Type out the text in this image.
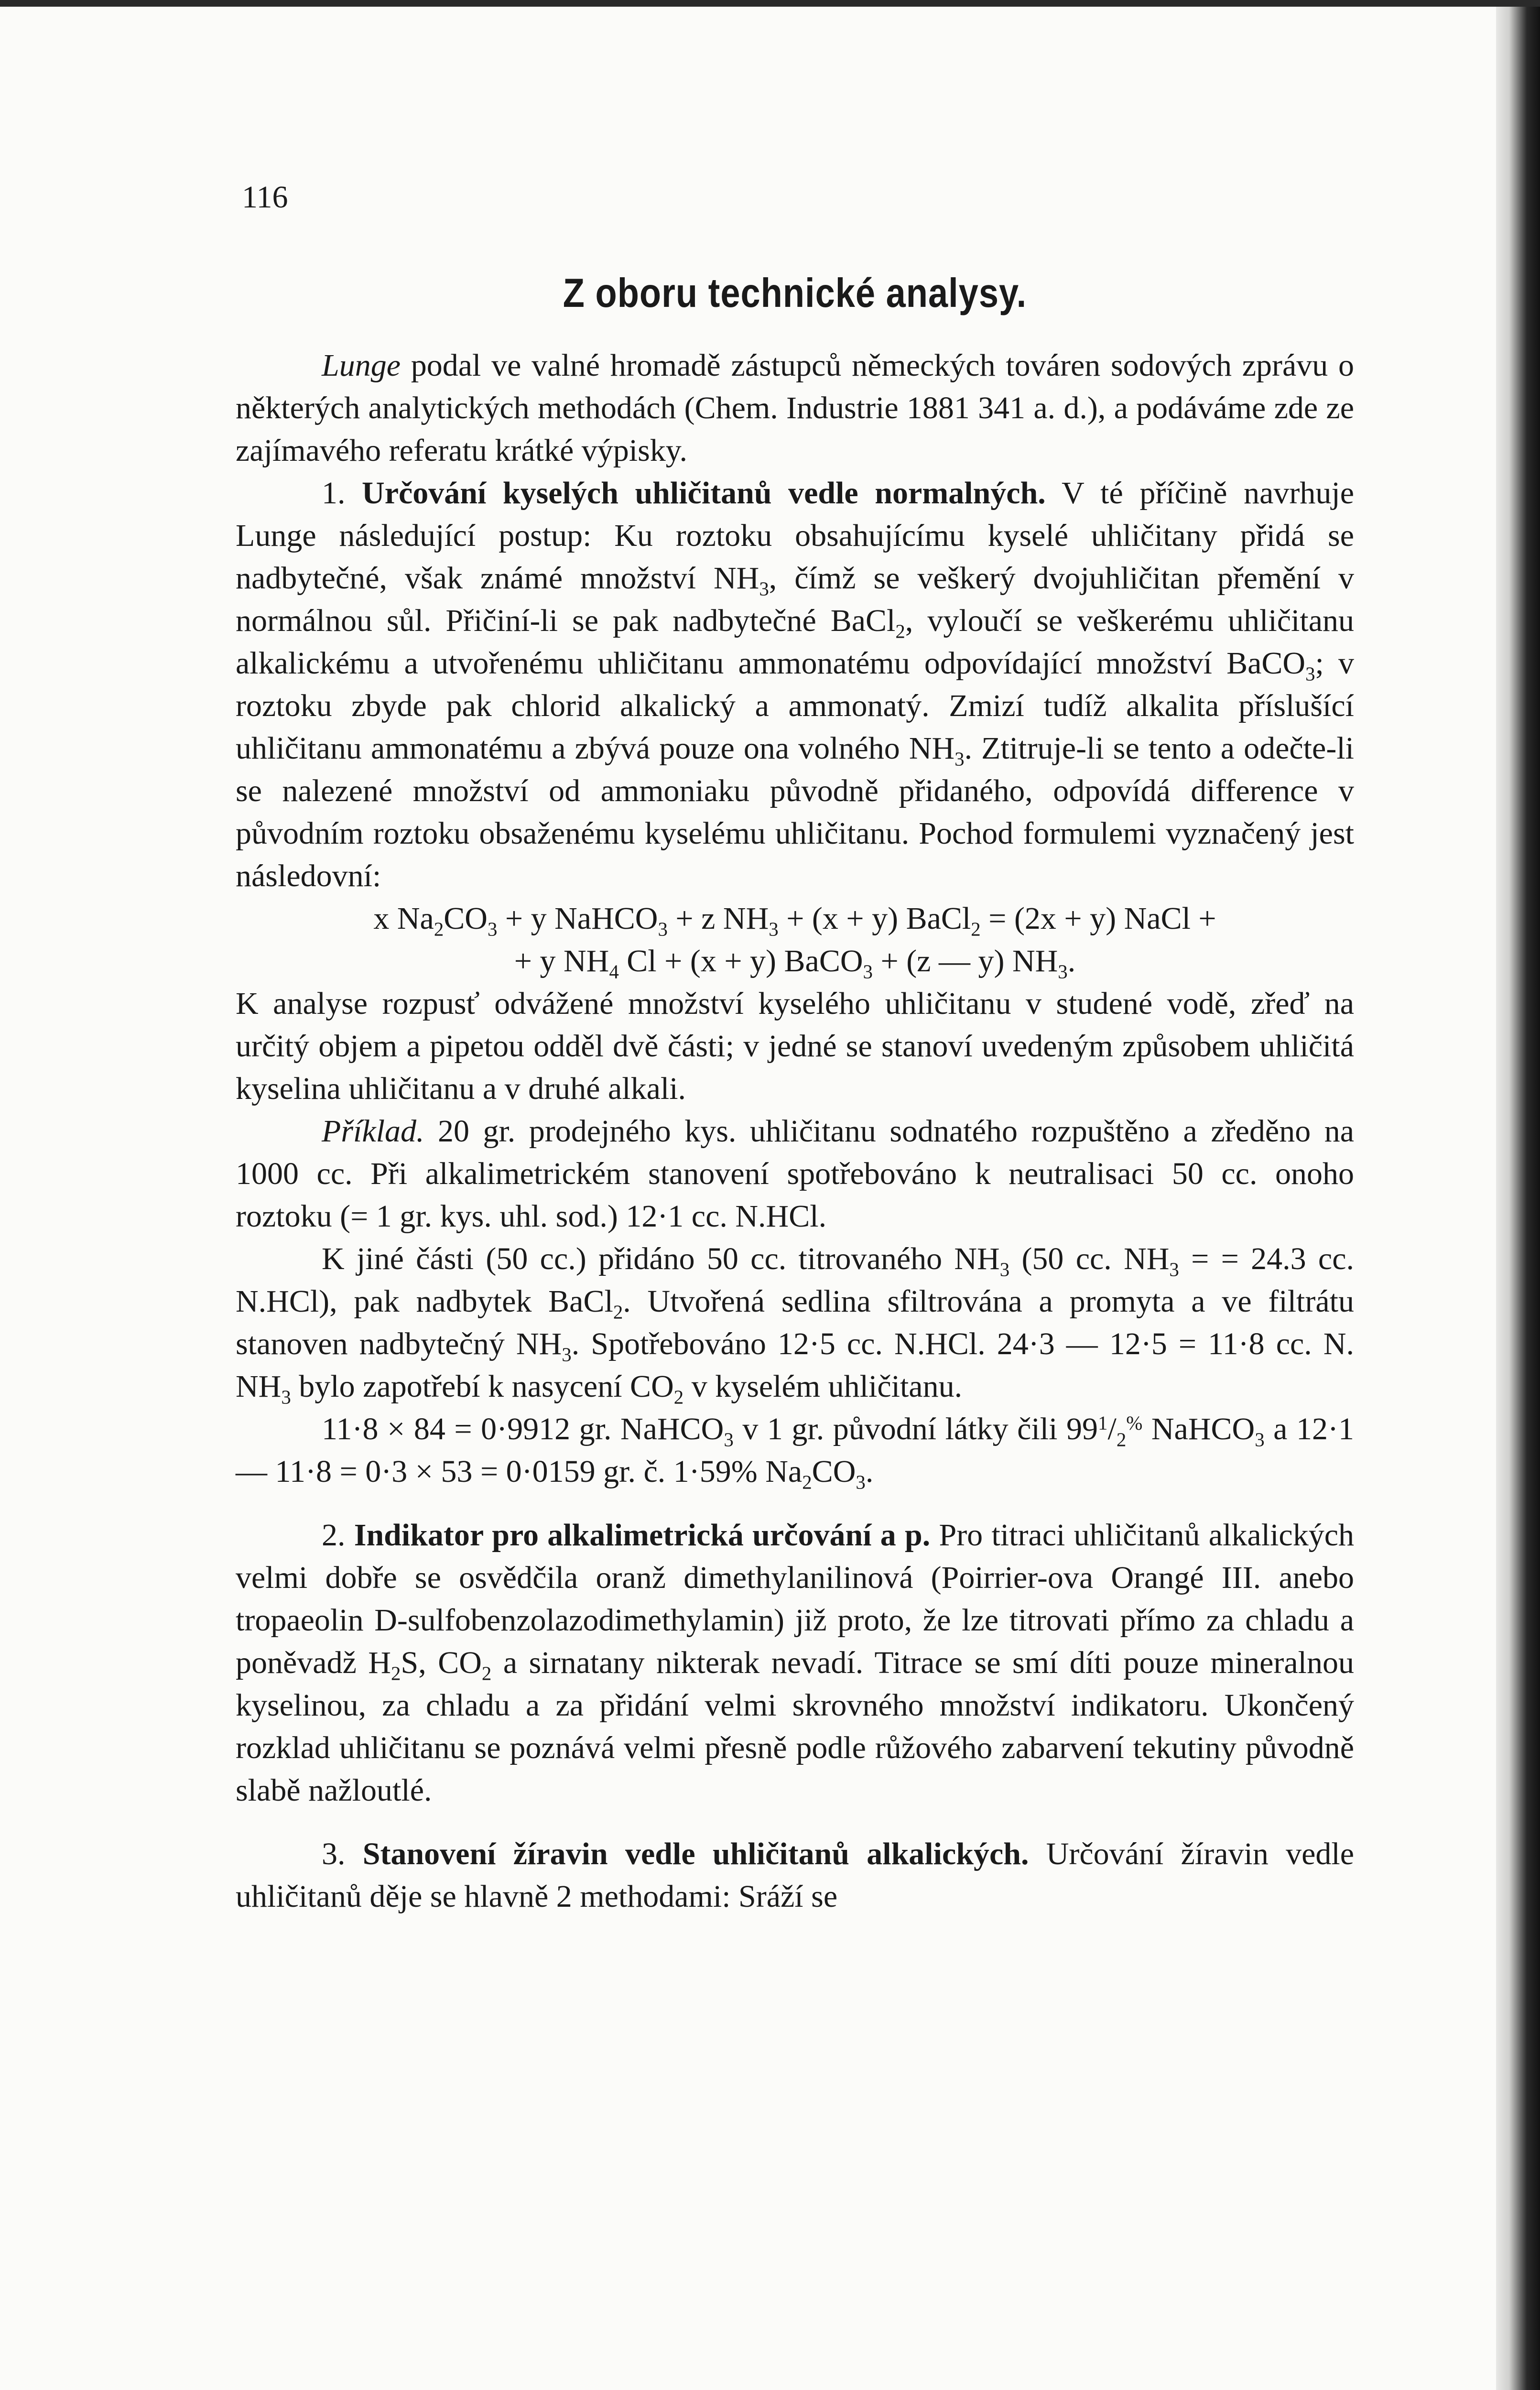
116
Z oboru technické analysy.

Lunge podal ve valné hromadě zástupců německých továren sodových zprávu o některých analytických methodách (Chem. Industrie 1881 341 a. d.), a podáváme zde ze zajímavého referatu krátké výpisky.

1. Určování kyselých uhličitanů vedle normalných. V té příčině navrhuje Lunge následující postup: Ku roztoku obsahujícímu kyselé uhličitany přidá se nadbytečné, však známé množství $NH_3$, čímž se veškerý dvojuhličitan přemění v normálnou sůl. Přičiní-li se pak nadbytečné BaCl$_2$, vyloučí se veškerému uhličitanu alkalickému a utvořenému uhličitanu ammonatému odpovídající množství BaCO$_3$; v roztoku zbyde pak chlorid alkalický a ammonatý. Zmizí tudíž alkalita příslušící uhličitanu ammonatému a zbývá pouze ona volného $NH_3$. Ztitruje-li se tento a odečte-li se nalezené množství od ammoniaku původně přidaného, odpovídá difference v původním roztoku obsaženému kyselému uhličitanu. Pochod formulemi vyznačený jest následovní:

x $Na_2CO_3 + y$ NaHCO$_3$ + z $NH_3 + (x + y)$ BaCl$_2$ = (2x + y) NaCl +

+ y $NH_4$ Cl + (x + y) BaCO$_3$ + (z — y) $NH_3$.

K analyse rozpusť odvážené množství kyselého uhličitanu v studené vodě, zřeď na určitý objem a pipetou odděl dvě části; v jedné se stanoví uvedeným způsobem uhličitá kyselina uhličitanu a v druhé alkali.

Příklad. 20 gr. prodejného kys. uhličitanu sodnatého rozpuštěno a zředěno na 1000 cc. Při alkalimetrickém stanovení spotřebováno k neutralisaci 50 cc. onoho roztoku (= 1 gr. kys. uhl. sod.) 12·1 cc. N.HCl.

K jiné části (50 cc.) přidáno 50 cc. titrovaného $NH_3$ (50 cc. $NH_3$ = = 24.3 cc. N.HCl), pak nadbytek BaCl$_2$. Utvořená sedlina sfiltrována a promyta a ve filtrátu stanoven nadbytečný $NH_3$. Spotřebováno 12·5 cc. N.HCl. 24·3 — 12·5 = 11·8 cc. N. $NH_3$ bylo zapotřebí k nasycení $CO_2$ v kyselém uhličitanu.

11·8 × 84 = 0·9912 gr. NaHCO$_3$ v 1 gr. původní látky čili $99^1/_2^{\%}$ NaHCO$_3$ a 12·1 — 11·8 = 0·3 × 53 = 0·0159 gr. č. 1·59% $Na_2CO_3$.

2. Indikator pro alkalimetrická určování a p. Pro titraci uhličitanů alkalických velmi dobře se osvědčila oranž dimethylanilinová (Poirrier-ova Orangé III. anebo tropaeolin D-sulfobenzolazodimethylamin) již proto, že lze titrovati přímo za chladu a poněvadž $H_2S$, $CO_2$ a sirnatany nikterak nevadí. Titrace se smí díti pouze mineralnou kyselinou, za chladu a za přidání velmi skrovného množství indikatoru. Ukončený rozklad uhličitanu se poznává velmi přesně podle růžového zabarvení tekutiny původně slabě nažloutlé.

3. Stanovení žíravin vedle uhličitanů alkalických. Určování žíravin vedle uhličitanů děje se hlavně 2 methodami: Sráží se
